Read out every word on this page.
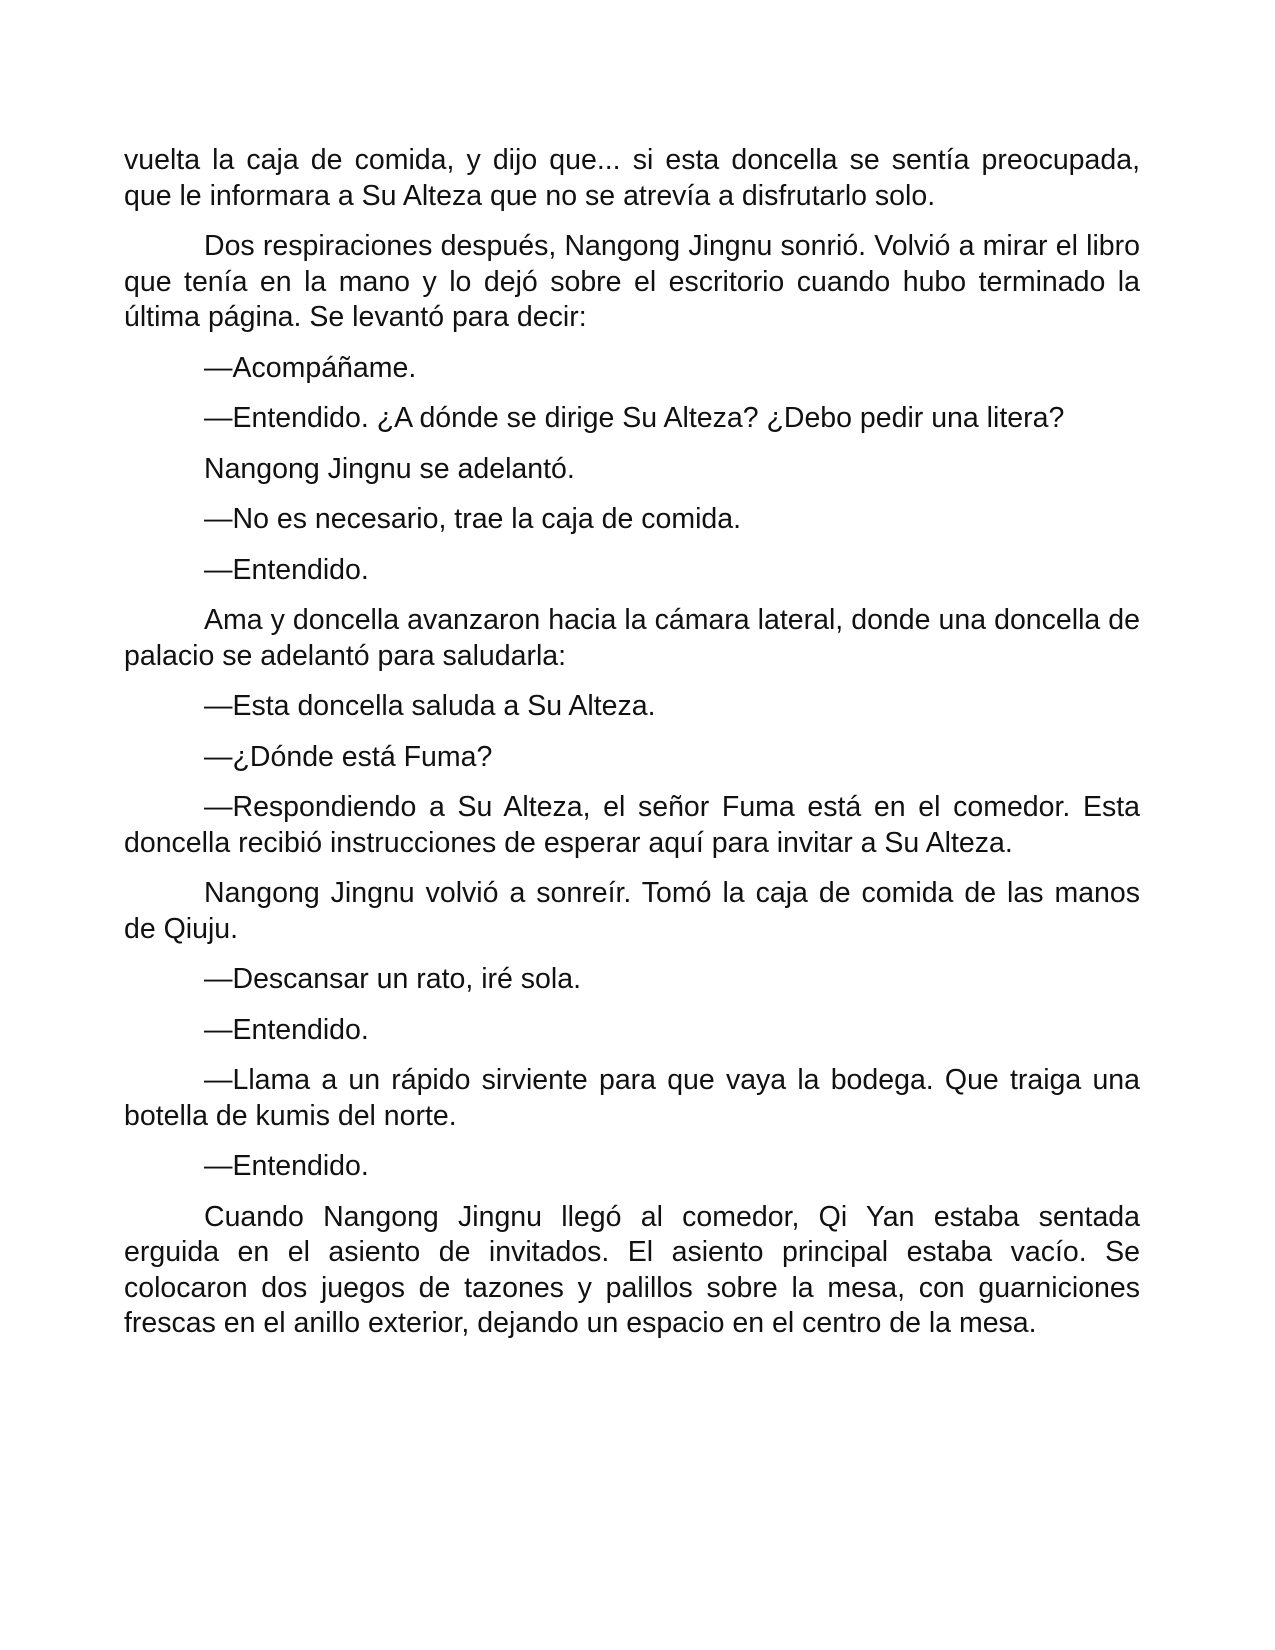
vuelta la caja de comida, y dijo que... si esta doncella se sentía preocupada, que le informara a Su Alteza que no se atrevía a disfrutarlo solo.

Dos respiraciones después, Nangong Jingnu sonrió. Volvió a mirar el libro que tenía en la mano y lo dejó sobre el escritorio cuando hubo terminado la última página. Se levantó para decir:

—Acompáñame.

—Entendido. ¿A dónde se dirige Su Alteza? ¿Debo pedir una litera?

Nangong Jingnu se adelantó.

—No es necesario, trae la caja de comida.

—Entendido.

Ama y doncella avanzaron hacia la cámara lateral, donde una doncella de palacio se adelantó para saludarla:

—Esta doncella saluda a Su Alteza.

—¿Dónde está Fuma?

—Respondiendo a Su Alteza, el señor Fuma está en el comedor. Esta doncella recibió instrucciones de esperar aquí para invitar a Su Alteza.

Nangong Jingnu volvió a sonreír. Tomó la caja de comida de las manos de Qiuju.

—Descansar un rato, iré sola.

—Entendido.

—Llama a un rápido sirviente para que vaya la bodega. Que traiga una botella de kumis del norte.

—Entendido.

Cuando Nangong Jingnu llegó al comedor, Qi Yan estaba sentada erguida en el asiento de invitados. El asiento principal estaba vacío. Se colocaron dos juegos de tazones y palillos sobre la mesa, con guarniciones frescas en el anillo exterior, dejando un espacio en el centro de la mesa.
